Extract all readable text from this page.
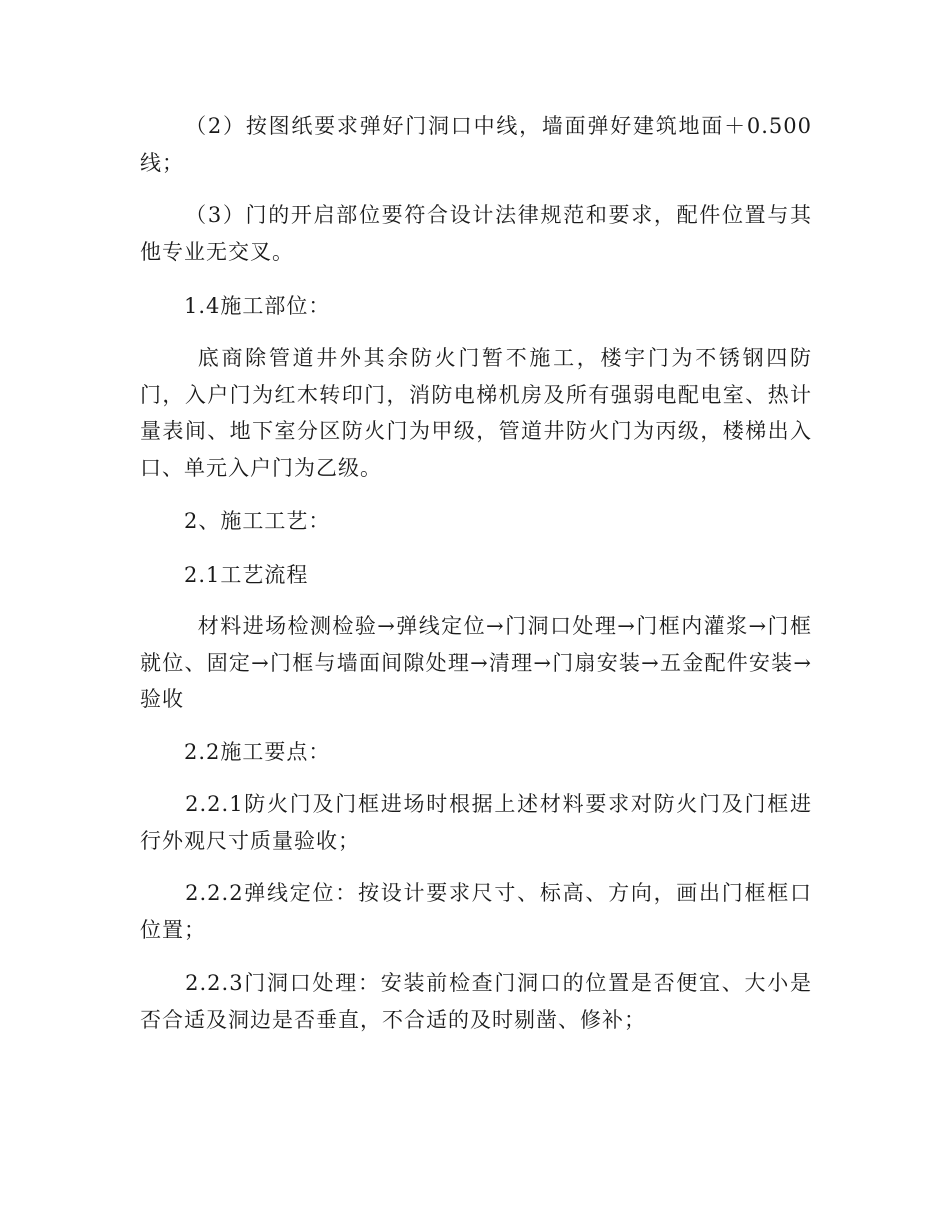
（2）按图纸要求弹好门洞口中线，墙面弹好建筑地面＋0.500线；

（3）门的开启部位要符合设计法律规范和要求，配件位置与其他专业无交叉。

1.4施工部位：

底商除管道井外其余防火门暂不施工，楼宇门为不锈钢四防门，入户门为红木转印门，消防电梯机房及所有强弱电配电室、热计量表间、地下室分区防火门为甲级，管道井防火门为丙级，楼梯出入口、单元入户门为乙级。

2、施工工艺：

2.1工艺流程

材料进场检测检验→弹线定位→门洞口处理→门框内灌浆→门框就位、固定→门框与墙面间隙处理→清理→门扇安装→五金配件安装→验收

2.2施工要点：

2.2.1防火门及门框进场时根据上述材料要求对防火门及门框进行外观尺寸质量验收；

2.2.2弹线定位：按设计要求尺寸、标高、方向，画出门框框口位置；

2.2.3门洞口处理：安装前检查门洞口的位置是否便宜、大小是否合适及洞边是否垂直，不合适的及时剔凿、修补；
